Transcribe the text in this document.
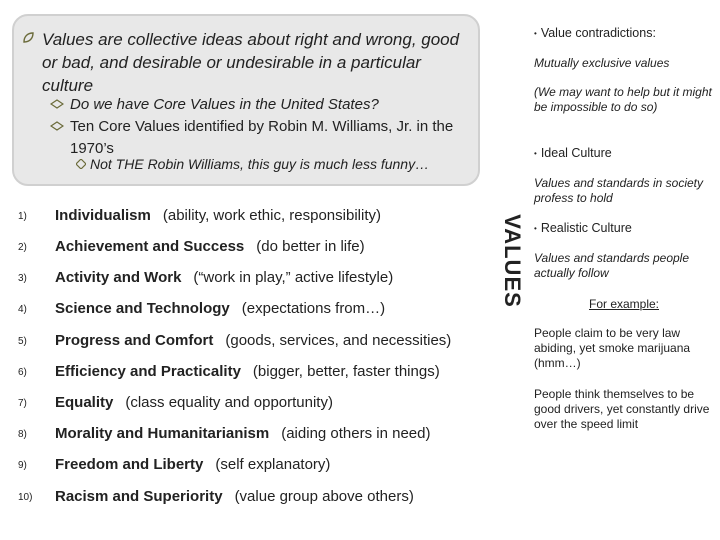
Values are collective ideas about right and wrong, good or bad, and desirable or undesirable in a particular culture
Do we have Core Values in the United States?
Ten Core Values identified by Robin M. Williams, Jr. in the 1970’s
Not THE Robin Williams, this guy is much less funny…
1) Individualism (ability, work ethic, responsibility)
2) Achievement and Success (do better in life)
3) Activity and Work (“work in play,” active lifestyle)
4) Science and Technology (expectations from…)
5) Progress and Comfort (goods, services, and necessities)
6) Efficiency and Practicality (bigger, better, faster things)
7) Equality (class equality and opportunity)
8) Morality and Humanitarianism (aiding others in need)
9) Freedom and Liberty (self explanatory)
10) Racism and Superiority (value group above others)
VALUES
• Value contradictions:
Mutually exclusive values
(We may want to help but it might be impossible to do so)
• Ideal Culture
Values and standards in society profess to hold
• Realistic Culture
Values and standards people actually follow
For example:
People claim to be very law abiding, yet smoke marijuana (hmm…)
People think themselves to be good drivers, yet constantly drive over the speed limit
